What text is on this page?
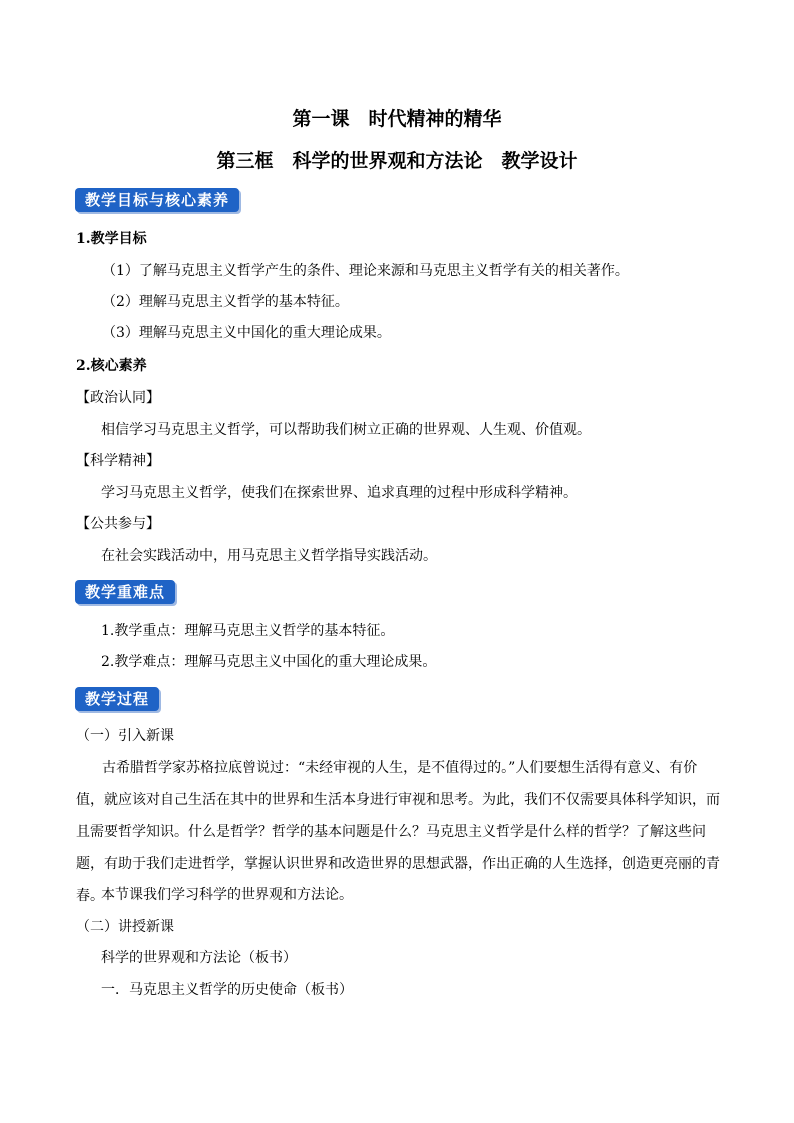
第一课　时代精神的精华
第三框　科学的世界观和方法论　教学设计
教学目标与核心素养
1.教学目标
（1）了解马克思主义哲学产生的条件、理论来源和马克思主义哲学有关的相关著作。
（2）理解马克思主义哲学的基本特征。
（3）理解马克思主义中国化的重大理论成果。
2.核心素养
【政治认同】
相信学习马克思主义哲学，可以帮助我们树立正确的世界观、人生观、价值观。
【科学精神】
学习马克思主义哲学，使我们在探索世界、追求真理的过程中形成科学精神。
【公共参与】
在社会实践活动中，用马克思主义哲学指导实践活动。
教学重难点
1.教学重点：理解马克思主义哲学的基本特征。
2.教学难点：理解马克思主义中国化的重大理论成果。
教学过程
（一）引入新课
古希腊哲学家苏格拉底曾说过：“未经审视的人生，是不值得过的。”人们要想生活得有意义、有价值，就应该对自己生活在其中的世界和生活本身进行审视和思考。为此，我们不仅需要具体科学知识，而且需要哲学知识。什么是哲学？哲学的基本问题是什么？马克思主义哲学是什么样的哲学？了解这些问题，有助于我们走进哲学，掌握认识世界和改造世界的思想武器，作出正确的人生选择，创造更亮丽的青春。
本节课我们学习科学的世界观和方法论。
（二）讲授新课
科学的世界观和方法论（板书）
一．马克思主义哲学的历史使命（板书）
